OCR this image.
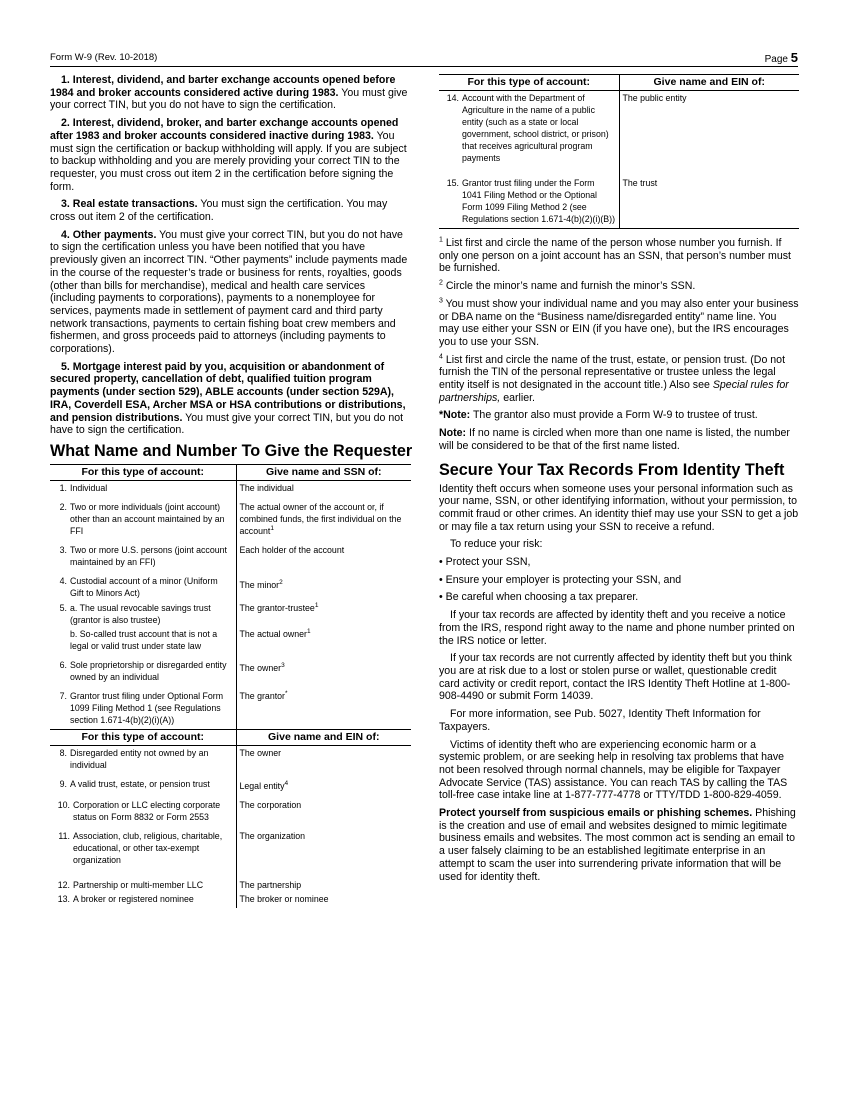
Form W-9 (Rev. 10-2018)	Page 5

1. Interest, dividend, and barter exchange accounts opened before 1984 and broker accounts considered active during 1983. You must give your correct TIN, but you do not have to sign the certification.

2. Interest, dividend, broker, and barter exchange accounts opened after 1983 and broker accounts considered inactive during 1983. You must sign the certification or backup withholding will apply. If you are subject to backup withholding and you are merely providing your correct TIN to the requester, you must cross out item 2 in the certification before signing the form.

3. Real estate transactions. You must sign the certification. You may cross out item 2 of the certification.

4. Other payments. You must give your correct TIN, but you do not have to sign the certification unless you have been notified that you have previously given an incorrect TIN. “Other payments” include payments made in the course of the requester’s trade or business for rents, royalties, goods (other than bills for merchandise), medical and health care services (including payments to corporations), payments to a nonemployee for services, payments made in settlement of payment card and third party network transactions, payments to certain fishing boat crew members and fishermen, and gross proceeds paid to attorneys (including payments to corporations).

5. Mortgage interest paid by you, acquisition or abandonment of secured property, cancellation of debt, qualified tuition program payments (under section 529), ABLE accounts (under section 529A), IRA, Coverdell ESA, Archer MSA or HSA contributions or distributions, and pension distributions. You must give your correct TIN, but you do not have to sign the certification.

What Name and Number To Give the Requester
For this type of account:	Give name and SSN of:

1. Individual	The individual

2. Two or more individuals (joint account) other than an account maintained by an FFI	The actual owner of the account or, if combined funds, the first individual on the account$^1$

3. Two or more U.S. persons (joint account maintained by an FFI)	Each holder of the account

4. Custodial account of a minor (Uniform Gift to Minors Act)	The minor$^2$

5. a. The usual revocable savings trust (grantor is also trustee)	The grantor-trustee$^1$

b. So-called trust account that is not a legal or valid trust under state law	The actual owner$^1$

6. Sole proprietorship or disregarded entity owned by an individual	The owner$^3$

7. Grantor trust filing under Optional Form 1099 Filing Method 1 (see Regulations section 1.671-4(b)(2)(i)(A))	The grantor*
For this type of account:	Give name and EIN of:

8. Disregarded entity not owned by an individual	The owner

9. A valid trust, estate, or pension trust	Legal entity$^4$

10. Corporation or LLC electing corporate status on Form 8832 or Form 2553	The corporation

11. Association, club, religious, charitable, educational, or other tax-exempt organization	The organization

12. Partnership or multi-member LLC	The partnership

13. A broker or registered nominee	The broker or nominee
For this type of account:	Give name and EIN of:

14. Account with the Department of Agriculture in the name of a public entity (such as a state or local government, school district, or prison) that receives agricultural program payments	The public entity

15. Grantor trust filing under the Form 1041 Filing Method or the Optional Form 1099 Filing Method 2 (see Regulations section 1.671-4(b)(2)(i)(B))	The trust

$^1$ List first and circle the name of the person whose number you furnish. If only one person on a joint account has an SSN, that person’s number must be furnished.

$^2$ Circle the minor’s name and furnish the minor’s SSN.

$^3$ You must show your individual name and you may also enter your business or DBA name on the “Business name/disregarded entity” name line. You may use either your SSN or EIN (if you have one), but the IRS encourages you to use your SSN.

$^4$ List first and circle the name of the trust, estate, or pension trust. (Do not furnish the TIN of the personal representative or trustee unless the legal entity itself is not designated in the account title.) Also see Special rules for partnerships, earlier.

*Note: The grantor also must provide a Form W-9 to trustee of trust.

Note: If no name is circled when more than one name is listed, the number will be considered to be that of the first name listed.

Secure Your Tax Records From Identity Theft

Identity theft occurs when someone uses your personal information such as your name, SSN, or other identifying information, without your permission, to commit fraud or other crimes. An identity thief may use your SSN to get a job or may file a tax return using your SSN to receive a refund.

To reduce your risk:

• Protect your SSN,

• Ensure your employer is protecting your SSN, and

• Be careful when choosing a tax preparer.

If your tax records are affected by identity theft and you receive a notice from the IRS, respond right away to the name and phone number printed on the IRS notice or letter.

If your tax records are not currently affected by identity theft but you think you are at risk due to a lost or stolen purse or wallet, questionable credit card activity or credit report, contact the IRS Identity Theft Hotline at 1-800-908-4490 or submit Form 14039.

For more information, see Pub. 5027, Identity Theft Information for Taxpayers.

Victims of identity theft who are experiencing economic harm or a systemic problem, or are seeking help in resolving tax problems that have not been resolved through normal channels, may be eligible for Taxpayer Advocate Service (TAS) assistance. You can reach TAS by calling the TAS toll-free case intake line at 1-877-777-4778 or TTY/TDD 1-800-829-4059.

Protect yourself from suspicious emails or phishing schemes. Phishing is the creation and use of email and websites designed to mimic legitimate business emails and websites. The most common act is sending an email to a user falsely claiming to be an established legitimate enterprise in an attempt to scam the user into surrendering private information that will be used for identity theft.
